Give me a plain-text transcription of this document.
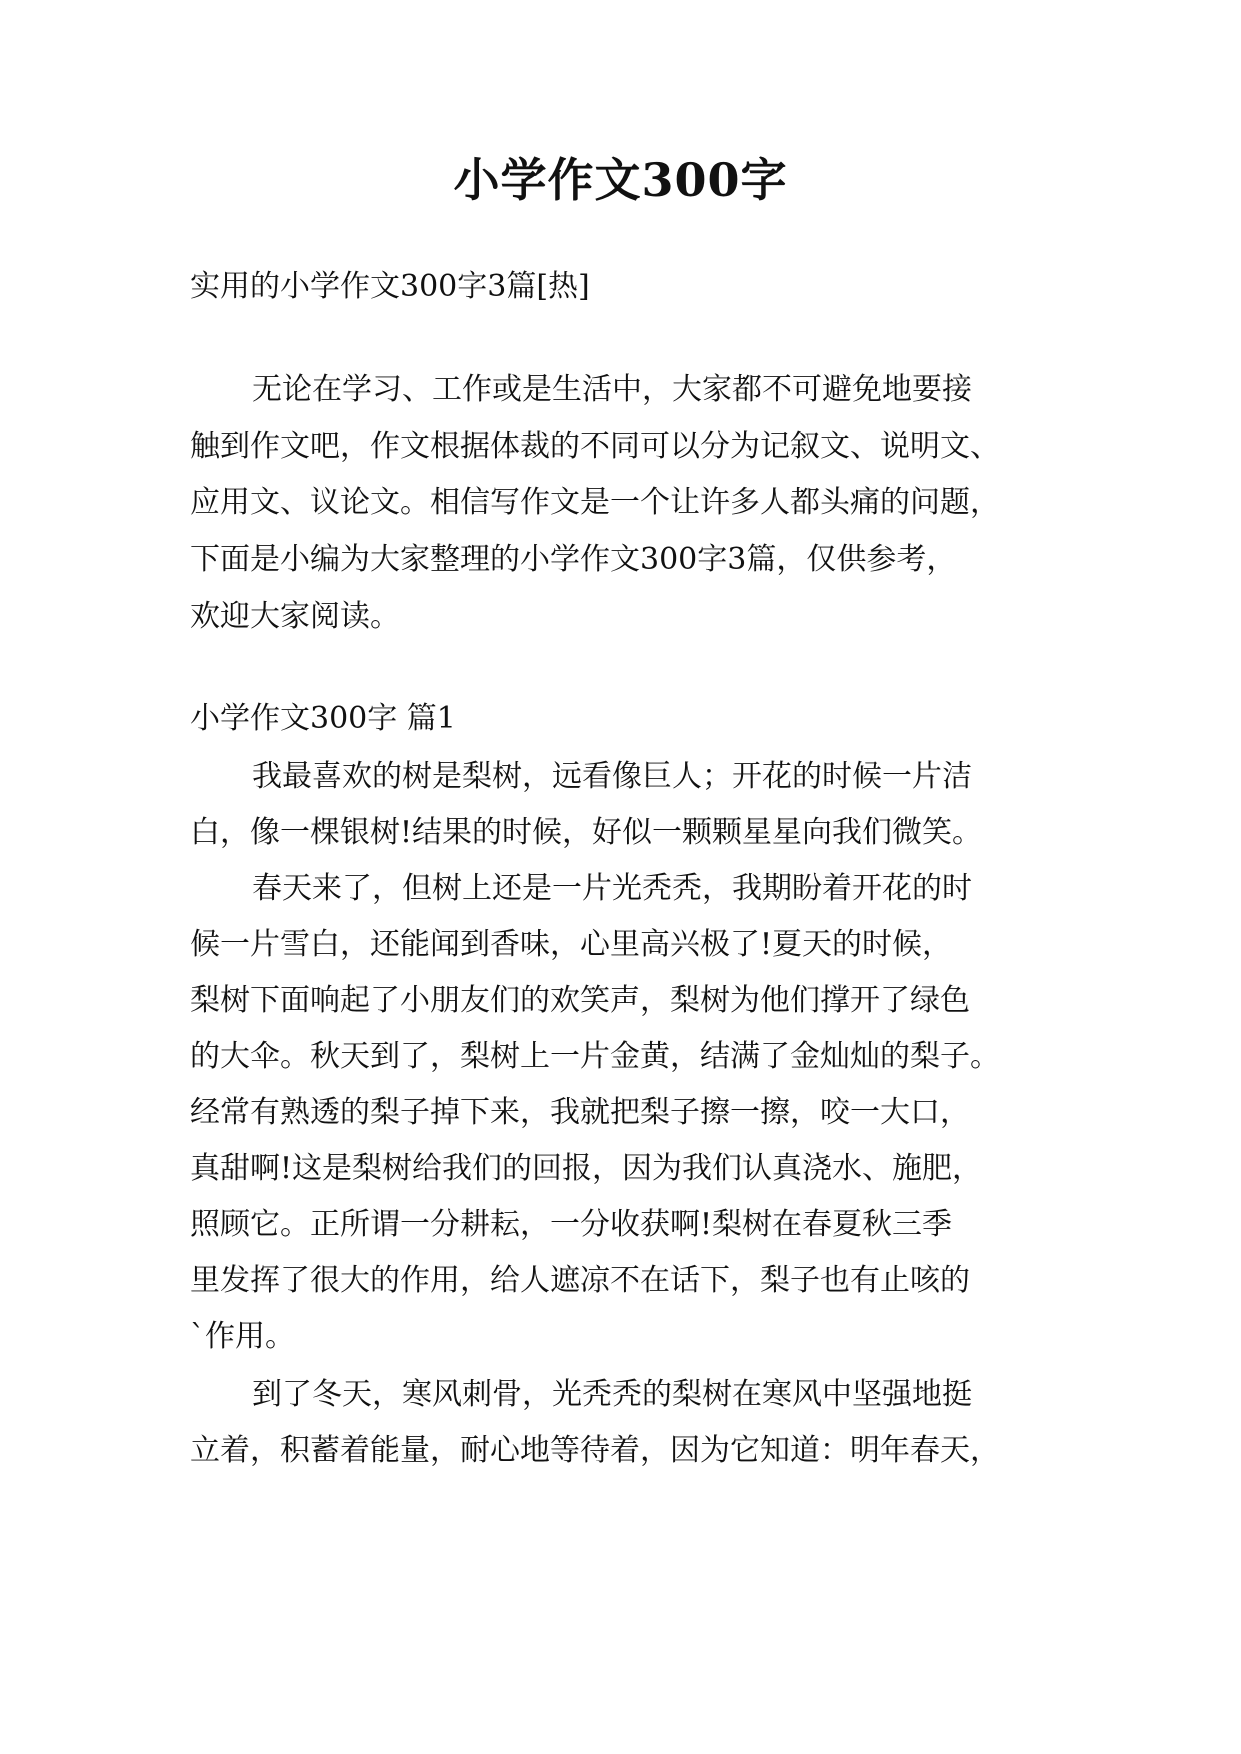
小学作文300字
实用的小学作文300字3篇[热]
无论在学习、工作或是生活中，大家都不可避免地要接
触到作文吧，作文根据体裁的不同可以分为记叙文、说明文、
应用文、议论文。相信写作文是一个让许多人都头痛的问题，
下面是小编为大家整理的小学作文300字3篇，仅供参考，
欢迎大家阅读。
小学作文300字 篇1
我最喜欢的树是梨树，远看像巨人；开花的时候一片洁
白，像一棵银树!结果的时候，好似一颗颗星星向我们微笑。
春天来了，但树上还是一片光秃秃，我期盼着开花的时
候一片雪白，还能闻到香味，心里高兴极了!夏天的时候，
梨树下面响起了小朋友们的欢笑声，梨树为他们撑开了绿色
的大伞。秋天到了，梨树上一片金黄，结满了金灿灿的梨子。
经常有熟透的梨子掉下来，我就把梨子擦一擦，咬一大口，
真甜啊!这是梨树给我们的回报，因为我们认真浇水、施肥，
照顾它。正所谓一分耕耘，一分收获啊!梨树在春夏秋三季
里发挥了很大的作用，给人遮凉不在话下，梨子也有止咳的
`作用。
到了冬天，寒风刺骨，光秃秃的梨树在寒风中坚强地挺
立着，积蓄着能量，耐心地等待着，因为它知道：明年春天，
